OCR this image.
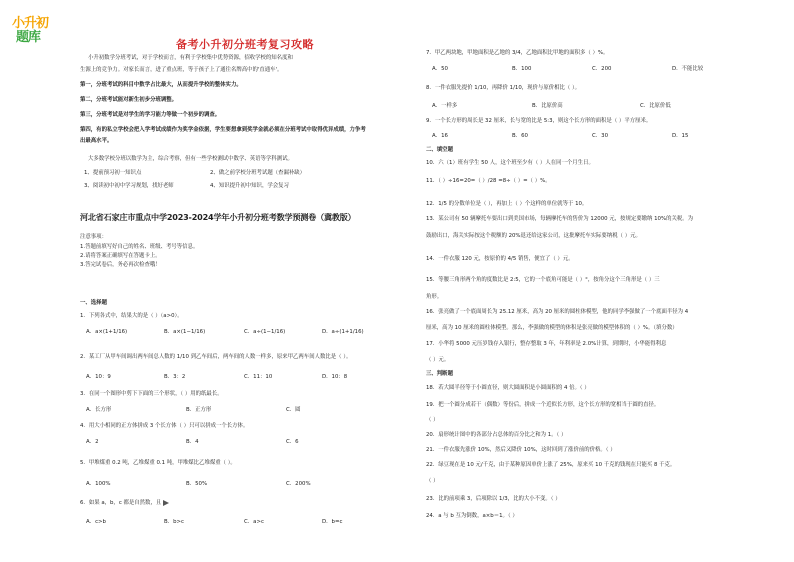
小升初
题库	备考小升初分班考复习攻略
小升初数学分班考试，对于学校而言，有利于学校集中优势资源，招收学校的知名度和
生源上的竞争力。对家长而言，进了重点班，等于孩子上了通往名牌高中的'直通车'。
第一，分班考试的科目中数学占比最大，从而提升学校的整体实力。
第二，分班考试能对新生初步分班调整。
第三，分班考试是对学生的学习能力等做一个初步的调查。
第四，有的私立学校会把入学考试成绩作为奖学金依据，学生要想拿到奖学金就必须在分班考试中取得优异成绩，力争考
出最高水平。
大多数学校分班以数学为主，综合考察，但有一些学校测试中数学、英语等学科测试。
1、提前预习初一知识点	2、做之前学校分班考试题（查漏补缺）
3、阅读初中初中学习规划，找好老师	4、知识提升初中知识，学会复习
河北省石家庄市重点中学2023-2024学年小升初分班考数学预测卷（冀教版）
注意事项：
1.答题前填写好自己的姓名、班级、考号等信息。
2.请将答案正确填写在答题卡上。
3.答完试卷后，务必再次检查哦！
一、选择题
1．下列各式中，结果大的是（ ）（a>0）。
A．a×(1+1/16)	B．a×(1−1/16)	C．a÷(1−1/16)	D．a÷(1+1/16)
2．某工厂从甲车间调出两车间总人数的 1/10 到乙车间后，两车间的人数一样多，原来甲乙两车间人数比是（ ）。
A．10：9	B．3：2	C．11：10	D．10：8
3．在同一个图形中剪下下面的三个形状，（ ）用的纸最长。
A．长方形	B．正方形	C．圆
4．用大小相同的正方体拼成 3 个长方体（ ）只可以拼成一个长方体。
A．2	B．4	C．6
5．甲堆煤重 0.2 吨，乙堆煤重 0.1 吨，甲堆煤比乙堆煤重（ ）。
A．100%	B．50%	C．200%
6．如果 a，b，c 都是自然数，且
A．c>b	B．b>c	C．a>c	D．b=c
7．甲乙两块地，甲地面积是乙地的 3/4，乙地面积比甲地的面积多（ ）%。
A．50	B．100	C．200	D．不能比较
8．一件衣服先提价 1/10，再降价 1/10，现价与原价相比（ ）。
A．一样多	B．比原价高	C．比原价低
9．一个长方形的周长是 32 厘米，长与宽的比是 5:3，则这个长方形的面积是（ ）平方厘米。
A．16	B．60	C．30	D．15
二、填空题
10．六（1）班有学生 50 人，这个班至少有（ ）人在同一个月生日。
11．（ ）÷16=20=（ ）/28 =8÷（ ）=（ ）%。
12．1/5 的分数单位是（ ），再加上（ ）个这样的单位就等于 10。
13．某公司有 50 辆摩托车要出口到美国市场，每辆摩托车的售价为 12000 元，按规定要缴纳 10%的关税。为
鼓励出口，海关实际按这个税额的 20%退还给这家公司，这批摩托车实际要纳税（ ）元。
14．一件衣服 120 元，按原价的 4/5 销售，便宜了（ ）元。
15．等腰三角形两个角的度数比是 2:5，它的一个底角可能是（ ）°，按角分这个三角形是（ ）三
角形。
16．张亮做了一个底面周长为 25.12 厘米，高为 20 厘米的圆柱体模型，他的同学李强做了一个底面半径为 4
厘米，高为 10 厘米的圆柱体模型。那么，李强做的模型的体积是张亮做的模型体积的（ ）%。（填分数）
17．小华将 5000 元压岁钱存入银行，整存整取 3 年，年利率是 2.0%计算，到期时，小华能得利息
（ ）元。
三、判断题
18．若大圆半径等于小圆直径，则大圆面积是小圆面积的 4 倍。（ ）
19．把一个圆分成若干（偶数）等份后，拼成一个近似长方形，这个长方形的宽相当于圆的直径。
（ ）
20．扇形统计图中的各部分占总体的百分比之和为 1。（ ）
21．一件衣服先涨价 10%，然后又降价 10%，这时回到了涨价前的价格。（ ）
22．绿豆现在是 10 元/千克，由于某种原因单价上涨了 25%，原来买 10 千克的钱现在只能买 8 千克。
（ ）
23．比的前项乘 3，后项除以 1/3，比的大小不变。（ ）
24．a 与 b 互为倒数，a×b＝1。（ ）
